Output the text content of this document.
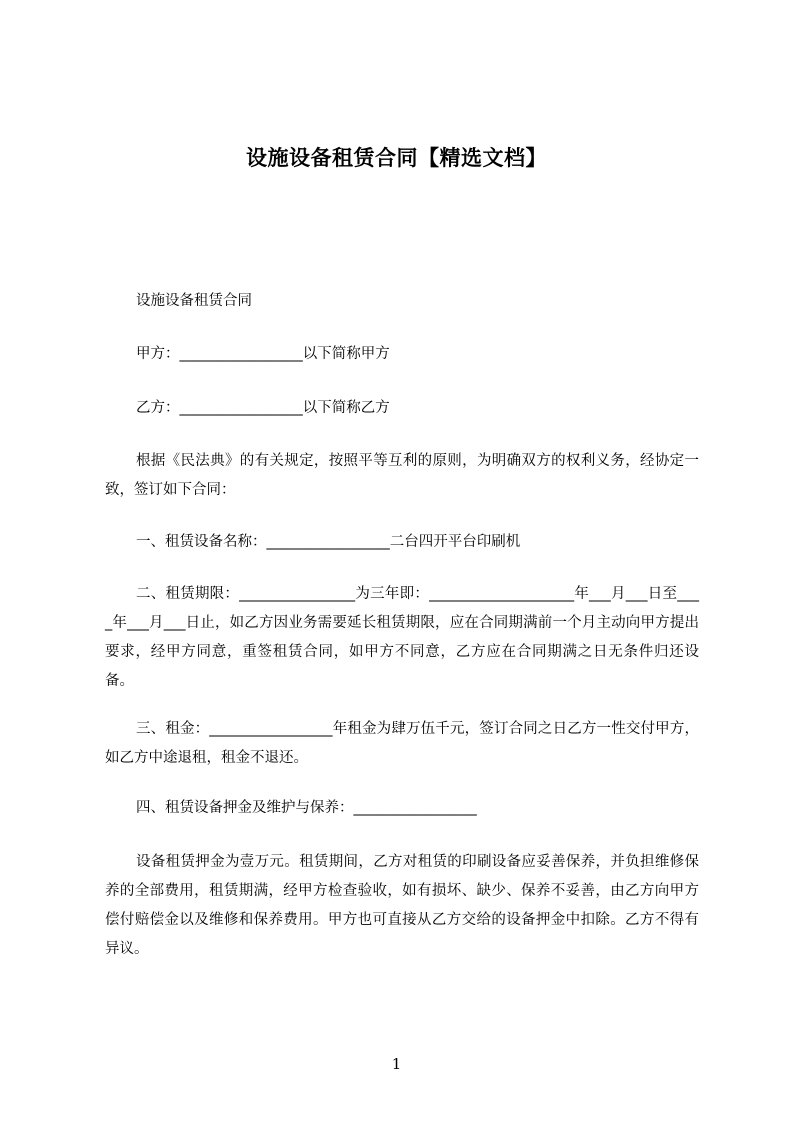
设施设备租赁合同【精选文档】

设施设备租赁合同

甲方：_________________以下简称甲方

乙方：_________________以下简称乙方

根据《民法典》的有关规定，按照平等互利的原则，为明确双方的权利义务，经协定一致，签订如下合同：

一、租赁设备名称：_________________二台四开平台印刷机

二、租赁期限：________________为三年即：____________________年___月___日至____年___月___日止，如乙方因业务需要延长租赁期限，应在合同期满前一个月主动向甲方提出要求，经甲方同意，重签租赁合同，如甲方不同意，乙方应在合同期满之日无条件归还设备。

三、租金：_________________年租金为肆万伍千元，签订合同之日乙方一性交付甲方，如乙方中途退租，租金不退还。

四、租赁设备押金及维护与保养：_________________

设备租赁押金为壹万元。租赁期间，乙方对租赁的印刷设备应妥善保养，并负担维修保养的全部费用，租赁期满，经甲方检查验收，如有损坏、缺少、保养不妥善，由乙方向甲方偿付赔偿金以及维修和保养费用。甲方也可直接从乙方交给的设备押金中扣除。乙方不得有异议。

1
